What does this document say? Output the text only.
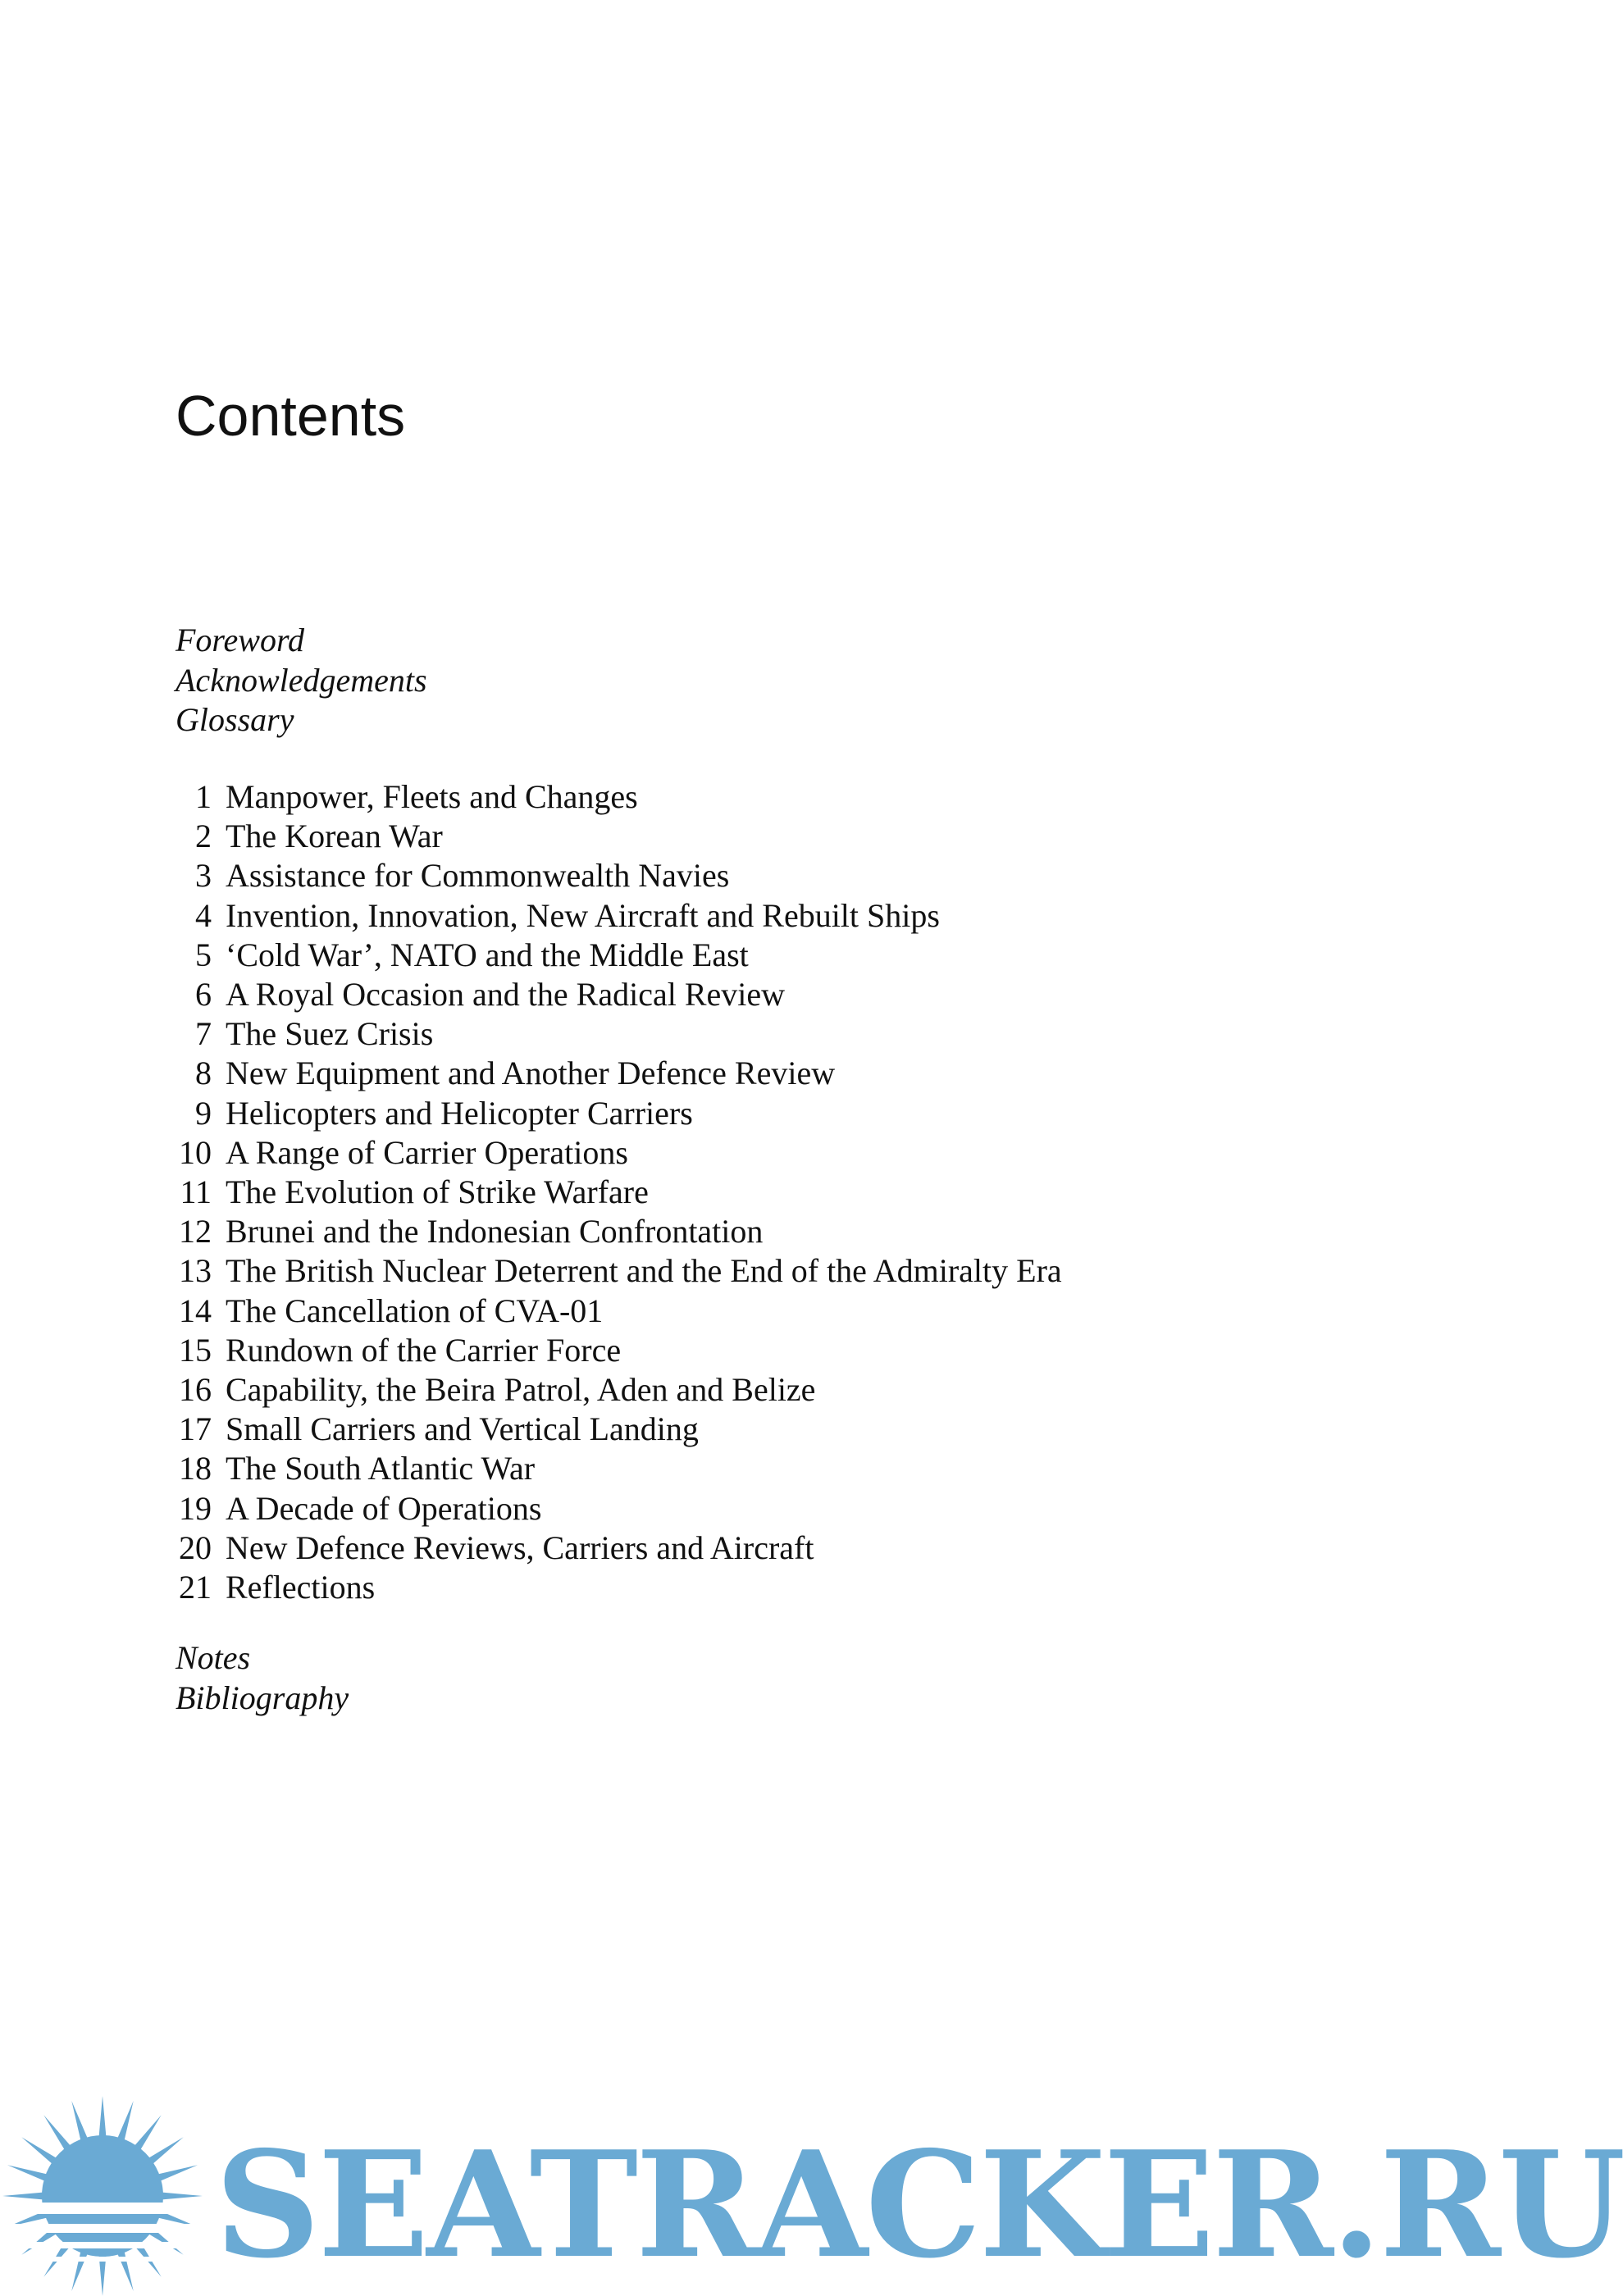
Contents
Foreword
Acknowledgements
Glossary
1 Manpower, Fleets and Changes
2 The Korean War
3 Assistance for Commonwealth Navies
4 Invention, Innovation, New Aircraft and Rebuilt Ships
5 ‘Cold War’, NATO and the Middle East
6 A Royal Occasion and the Radical Review
7 The Suez Crisis
8 New Equipment and Another Defence Review
9 Helicopters and Helicopter Carriers
10 A Range of Carrier Operations
11 The Evolution of Strike Warfare
12 Brunei and the Indonesian Confrontation
13 The British Nuclear Deterrent and the End of the Admiralty Era
14 The Cancellation of CVA-01
15 Rundown of the Carrier Force
16 Capability, the Beira Patrol, Aden and Belize
17 Small Carriers and Vertical Landing
18 The South Atlantic War
19 A Decade of Operations
20 New Defence Reviews, Carriers and Aircraft
21 Reflections
Notes
Bibliography
SEATRACKER.RU
